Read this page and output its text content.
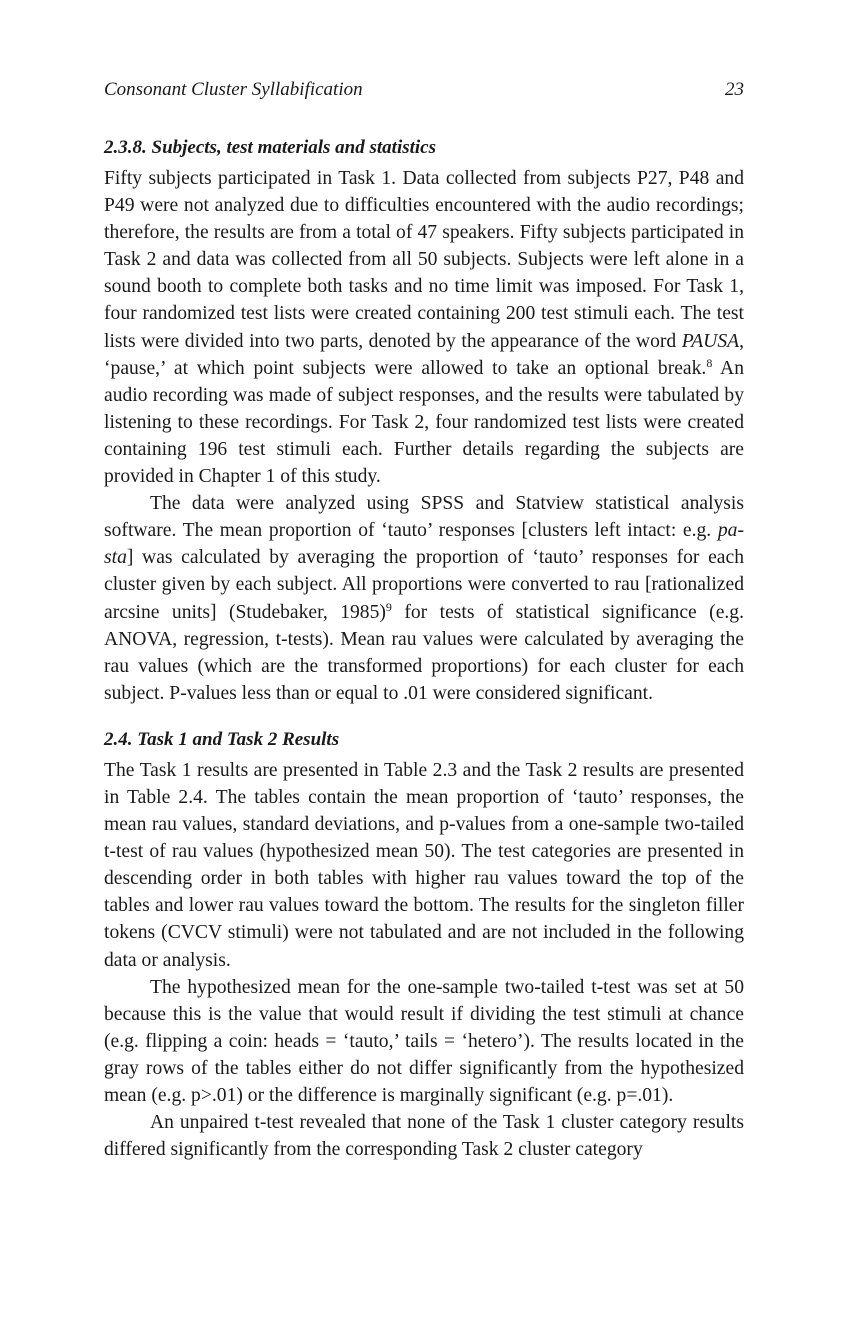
Consonant Cluster Syllabification	23
2.3.8. Subjects, test materials and statistics

Fifty subjects participated in Task 1. Data collected from subjects P27, P48 and P49 were not analyzed due to difficulties encountered with the audio recordings; therefore, the results are from a total of 47 speakers. Fifty subjects participated in Task 2 and data was collected from all 50 subjects. Subjects were left alone in a sound booth to complete both tasks and no time limit was imposed. For Task 1, four randomized test lists were created containing 200 test stimuli each. The test lists were divided into two parts, denoted by the appearance of the word PAUSA, ‘pause,’ at which point subjects were allowed to take an optional break.$^8$ An audio recording was made of subject responses, and the results were tabulated by listening to these recordings. For Task 2, four randomized test lists were created containing 196 test stimuli each. Further details regarding the subjects are provided in Chapter 1 of this study.

The data were analyzed using SPSS and Statview statistical analysis software. The mean proportion of ‘tauto’ responses [clusters left intact: e.g. pa-sta] was calculated by averaging the proportion of ‘tauto’ responses for each cluster given by each subject. All proportions were converted to rau [rationalized arcsine units] (Studebaker, 1985)$^9$ for tests of statistical significance (e.g. ANOVA, regression, t-tests). Mean rau values were calculated by averaging the rau values (which are the transformed proportions) for each cluster for each subject. P-values less than or equal to .01 were considered significant.

2.4. Task 1 and Task 2 Results

The Task 1 results are presented in Table 2.3 and the Task 2 results are presented in Table 2.4. The tables contain the mean proportion of ‘tauto’ responses, the mean rau values, standard deviations, and p-values from a one-sample two-tailed t-test of rau values (hypothesized mean 50). The test categories are presented in descending order in both tables with higher rau values toward the top of the tables and lower rau values toward the bottom. The results for the singleton filler tokens (CVCV stimuli) were not tabulated and are not included in the following data or analysis.

The hypothesized mean for the one-sample two-tailed t-test was set at 50 because this is the value that would result if dividing the test stimuli at chance (e.g. flipping a coin: heads = ‘tauto,’ tails = ‘hetero’). The results located in the gray rows of the tables either do not differ significantly from the hypothesized mean (e.g. p>.01) or the difference is marginally significant (e.g. p=.01).

An unpaired t-test revealed that none of the Task 1 cluster category results differed significantly from the corresponding Task 2 cluster category
